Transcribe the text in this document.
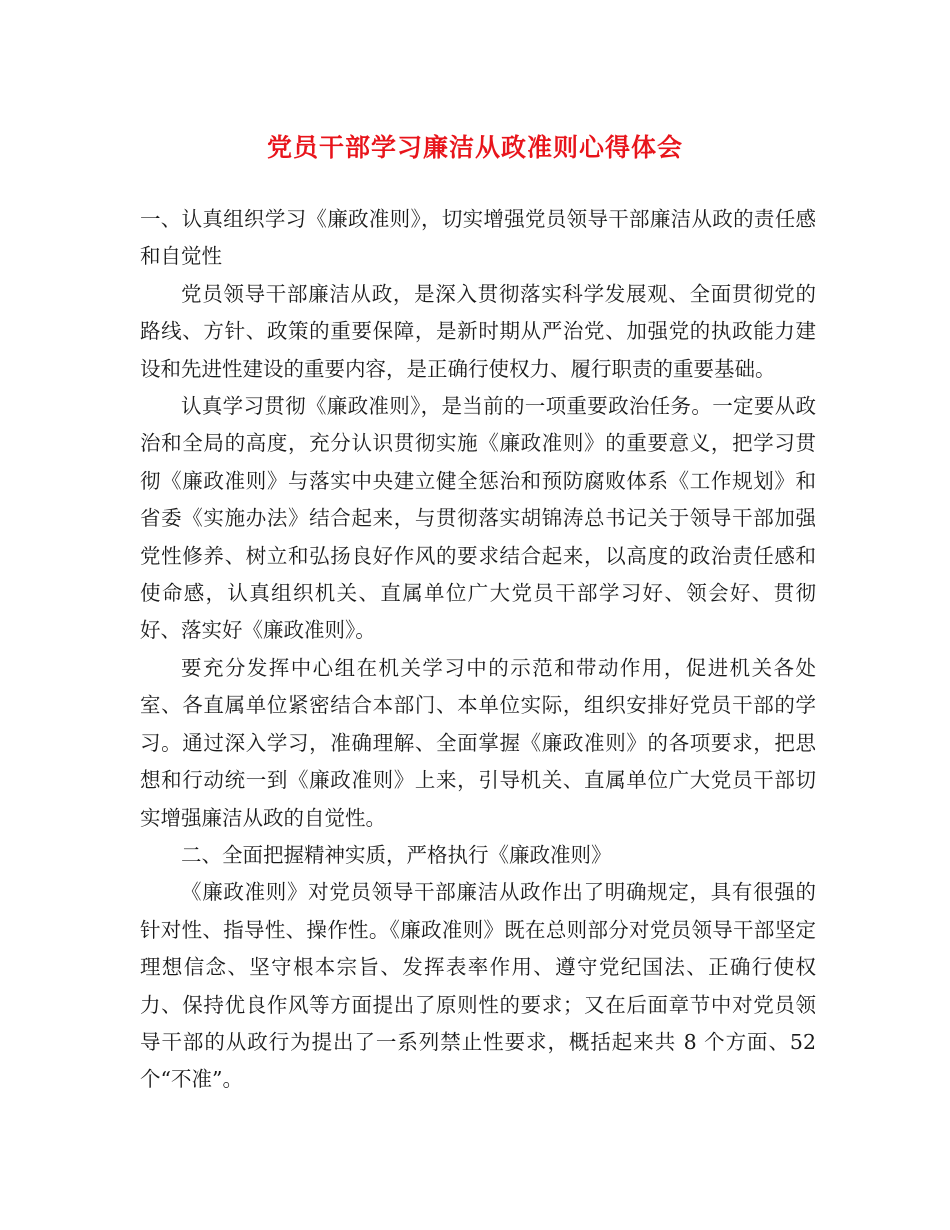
党员干部学习廉洁从政准则心得体会

一、认真组织学习《廉政准则》，切实增强党员领导干部廉洁从政的责任感和自觉性

党员领导干部廉洁从政，是深入贯彻落实科学发展观、全面贯彻党的路线、方针、政策的重要保障，是新时期从严治党、加强党的执政能力建设和先进性建设的重要内容，是正确行使权力、履行职责的重要基础。

认真学习贯彻《廉政准则》，是当前的一项重要政治任务。一定要从政治和全局的高度，充分认识贯彻实施《廉政准则》的重要意义，把学习贯彻《廉政准则》与落实中央建立健全惩治和预防腐败体系《工作规划》和省委《实施办法》结合起来，与贯彻落实胡锦涛总书记关于领导干部加强党性修养、树立和弘扬良好作风的要求结合起来，以高度的政治责任感和使命感，认真组织机关、直属单位广大党员干部学习好、领会好、贯彻好、落实好《廉政准则》。

要充分发挥中心组在机关学习中的示范和带动作用，促进机关各处室、各直属单位紧密结合本部门、本单位实际，组织安排好党员干部的学习。通过深入学习，准确理解、全面掌握《廉政准则》的各项要求，把思想和行动统一到《廉政准则》上来，引导机关、直属单位广大党员干部切实增强廉洁从政的自觉性。

二、全面把握精神实质，严格执行《廉政准则》

《廉政准则》对党员领导干部廉洁从政作出了明确规定，具有很强的针对性、指导性、操作性。《廉政准则》既在总则部分对党员领导干部坚定理想信念、坚守根本宗旨、发挥表率作用、遵守党纪国法、正确行使权力、保持优良作风等方面提出了原则性的要求；又在后面章节中对党员领导干部的从政行为提出了一系列禁止性要求，概括起来共 8 个方面、52 个“不准”。
